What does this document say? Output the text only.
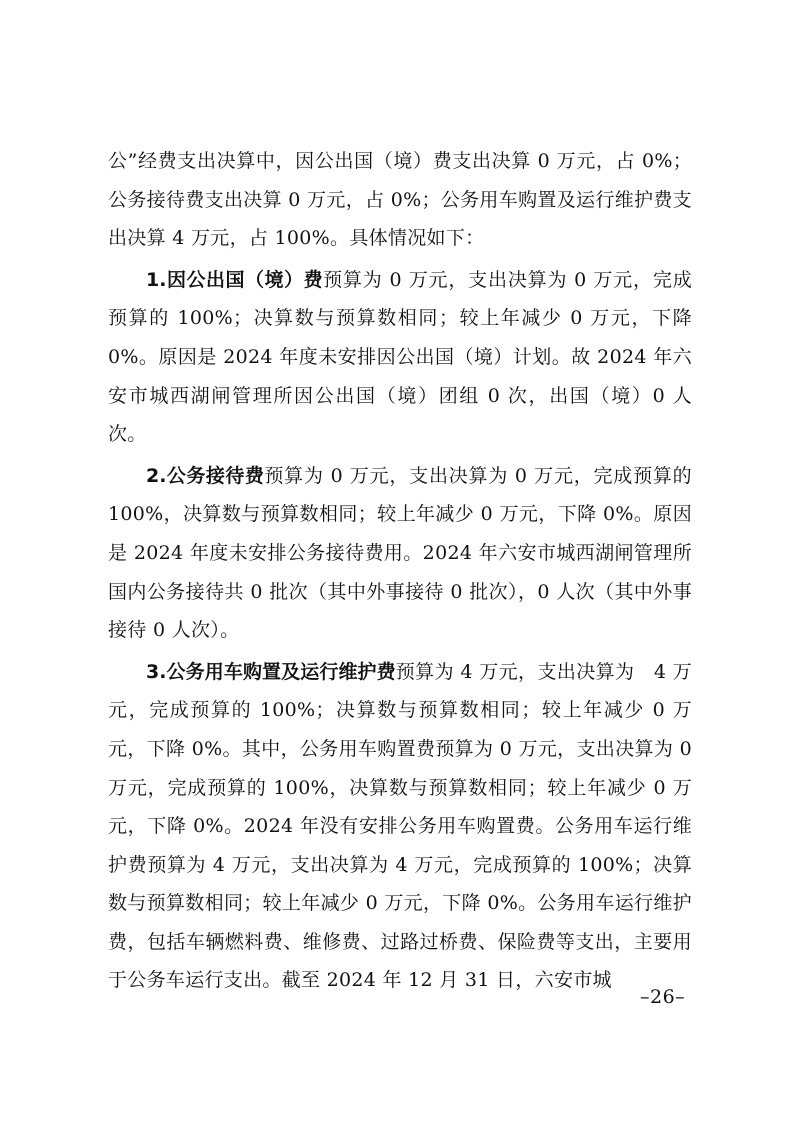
公”经费支出决算中，因公出国（境）费支出决算 0 万元，占 0%；公务接待费支出决算 0 万元，占 0%；公务用车购置及运行维护费支出决算 4 万元，占 100%。具体情况如下：

1.因公出国（境）费预算为 0 万元，支出决算为 0 万元，完成预算的 100%；决算数与预算数相同；较上年减少 0 万元，下降 0%。原因是 2024 年度未安排因公出国（境）计划。故 2024 年六安市城西湖闸管理所因公出国（境）团组 0 次，出国（境）0 人次。

2.公务接待费预算为 0 万元，支出决算为 0 万元，完成预算的 100%，决算数与预算数相同；较上年减少 0 万元，下降 0%。原因是 2024 年度未安排公务接待费用。2024 年六安市城西湖闸管理所国内公务接待共 0 批次（其中外事接待 0 批次），0 人次（其中外事接待 0 人次）。

3.公务用车购置及运行维护费预算为 4 万元，支出决算为　4 万元，完成预算的 100%；决算数与预算数相同；较上年减少 0 万元，下降 0%。其中，公务用车购置费预算为 0 万元，支出决算为 0 万元，完成预算的 100%，决算数与预算数相同；较上年减少 0 万元，下降 0%。2024 年没有安排公务用车购置费。公务用车运行维护费预算为 4 万元，支出决算为 4 万元，完成预算的 100%；决算数与预算数相同；较上年减少 0 万元，下降 0%。公务用车运行维护费，包括车辆燃料费、维修费、过路过桥费、保险费等支出，主要用于公务车运行支出。截至 2024 年 12 月 31 日，六安市城

–26–
